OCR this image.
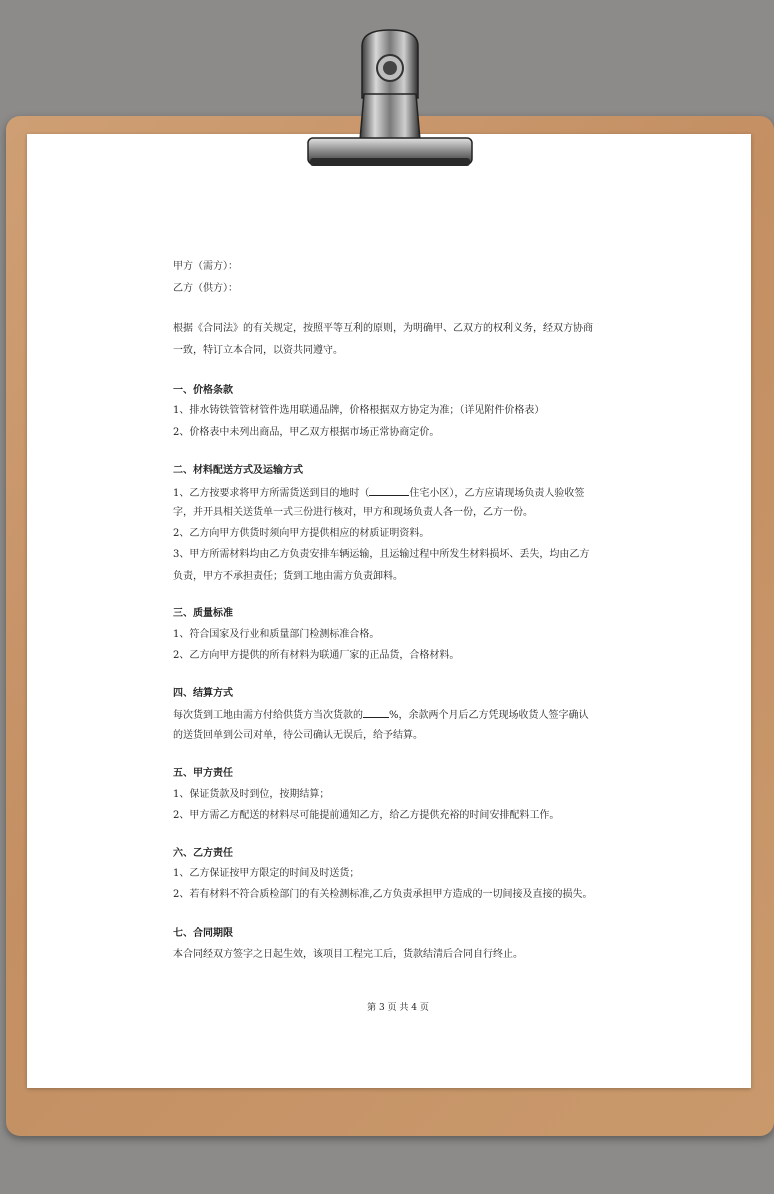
甲方（需方）：
乙方（供方）：
根据《合同法》的有关规定，按照平等互利的原则，为明确甲、乙双方的权利义务，经双方协商
一致，特订立本合同，以资共同遵守。
一、价格条款
1、排水铸铁管管材管件选用联通品牌，价格根据双方协定为准；（详见附件价格表）
2、价格表中未列出商品，甲乙双方根据市场正常协商定价。
二、材料配送方式及运输方式
1、乙方按要求将甲方所需货送到目的地时（	住宅小区），乙方应请现场负责人验收签
字，并开具相关送货单一式三份进行核对，甲方和现场负责人各一份，乙方一份。
2、乙方向甲方供货时须向甲方提供相应的材质证明资料。
3、甲方所需材料均由乙方负责安排车辆运输，且运输过程中所发生材料损坏、丢失，均由乙方
负责，甲方不承担责任；货到工地由需方负责卸料。
三、质量标准
1、符合国家及行业和质量部门检测标准合格。
2、乙方向甲方提供的所有材料为联通厂家的正品货，合格材料。
四、结算方式
每次货到工地由需方付给供货方当次货款的	%，余款两个月后乙方凭现场收货人签字确认
的送货回单到公司对单，待公司确认无误后，给予结算。
五、甲方责任
1、保证货款及时到位，按期结算；
2、甲方需乙方配送的材料尽可能提前通知乙方，给乙方提供充裕的时间安排配料工作。
六、乙方责任
1、乙方保证按甲方限定的时间及时送货；
2、若有材料不符合质检部门的有关检测标准,乙方负责承担甲方造成的一切间接及直接的损失。
七、合同期限
本合同经双方签字之日起生效，该项目工程完工后，货款结清后合同自行终止。
第 3 页 共 4 页
